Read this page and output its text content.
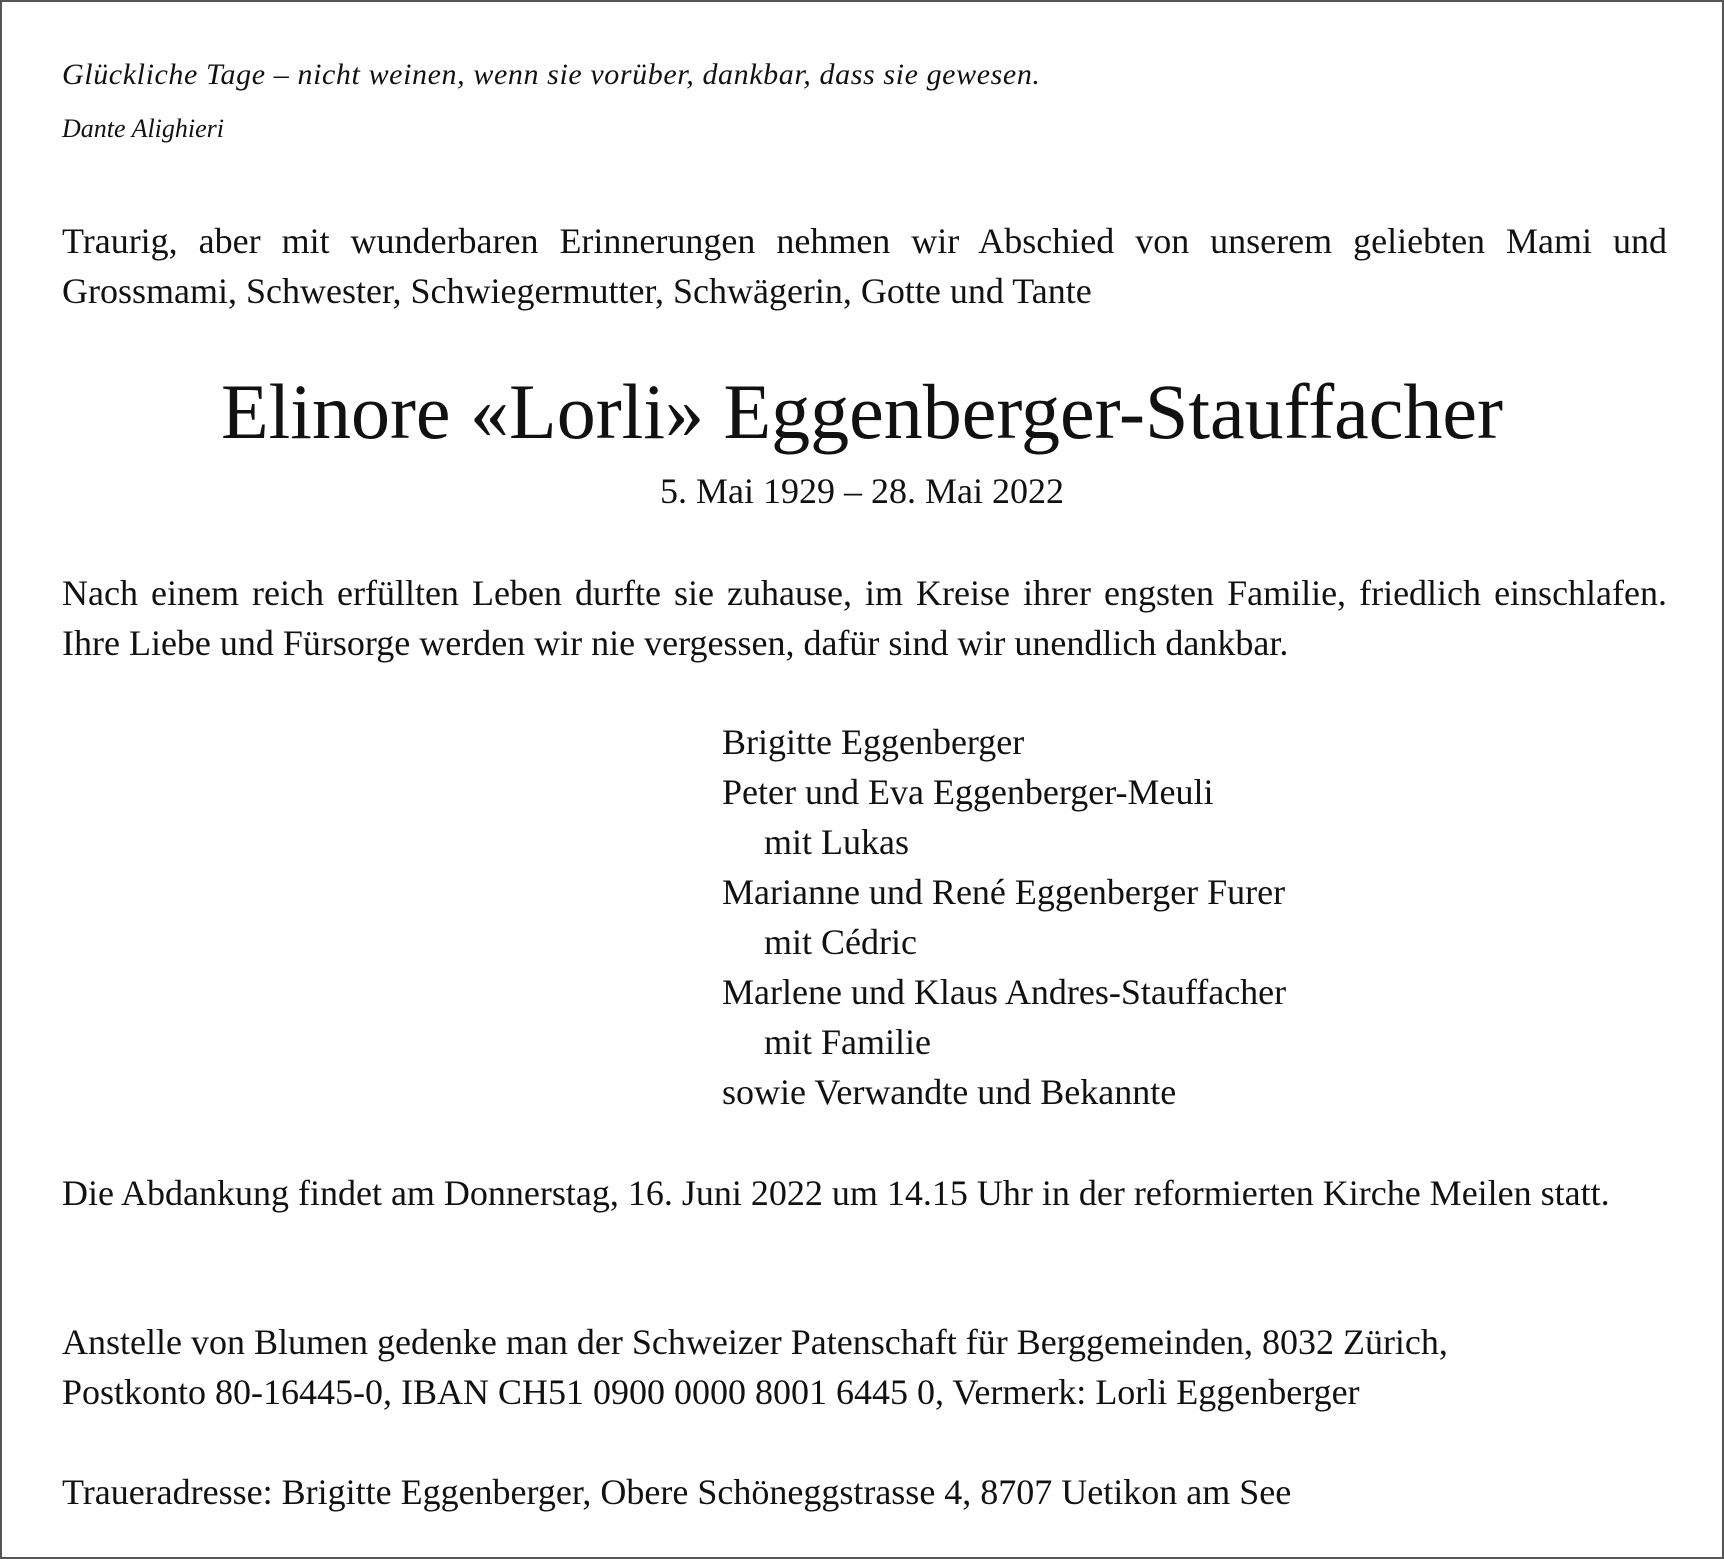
Glückliche Tage – nicht weinen, wenn sie vorüber, dankbar, dass sie gewesen.

Dante Alighieri

Traurig, aber mit wunderbaren Erinnerungen nehmen wir Abschied von unserem geliebten Mami und Grossmami, Schwester, Schwiegermutter, Schwägerin, Gotte und Tante

Elinore «Lorli» Eggenberger-Stauffacher

5. Mai 1929 – 28. Mai 2022

Nach einem reich erfüllten Leben durfte sie zuhause, im Kreise ihrer engsten Familie, friedlich einschlafen. Ihre Liebe und Fürsorge werden wir nie vergessen, dafür sind wir unendlich dankbar.

Brigitte Eggenberger
Peter und Eva Eggenberger-Meuli
mit Lukas
Marianne und René Eggenberger Furer
mit Cédric
Marlene und Klaus Andres-Stauffacher
mit Familie
sowie Verwandte und Bekannte

Die Abdankung findet am Donnerstag, 16. Juni 2022 um 14.15 Uhr in der reformierten Kirche Meilen statt.

Anstelle von Blumen gedenke man der Schweizer Patenschaft für Berggemeinden, 8032 Zürich,
Postkonto 80-16445-0, IBAN CH51 0900 0000 8001 6445 0, Vermerk: Lorli Eggenberger

Traueradresse: Brigitte Eggenberger, Obere Schöneggstrasse 4, 8707 Uetikon am See
